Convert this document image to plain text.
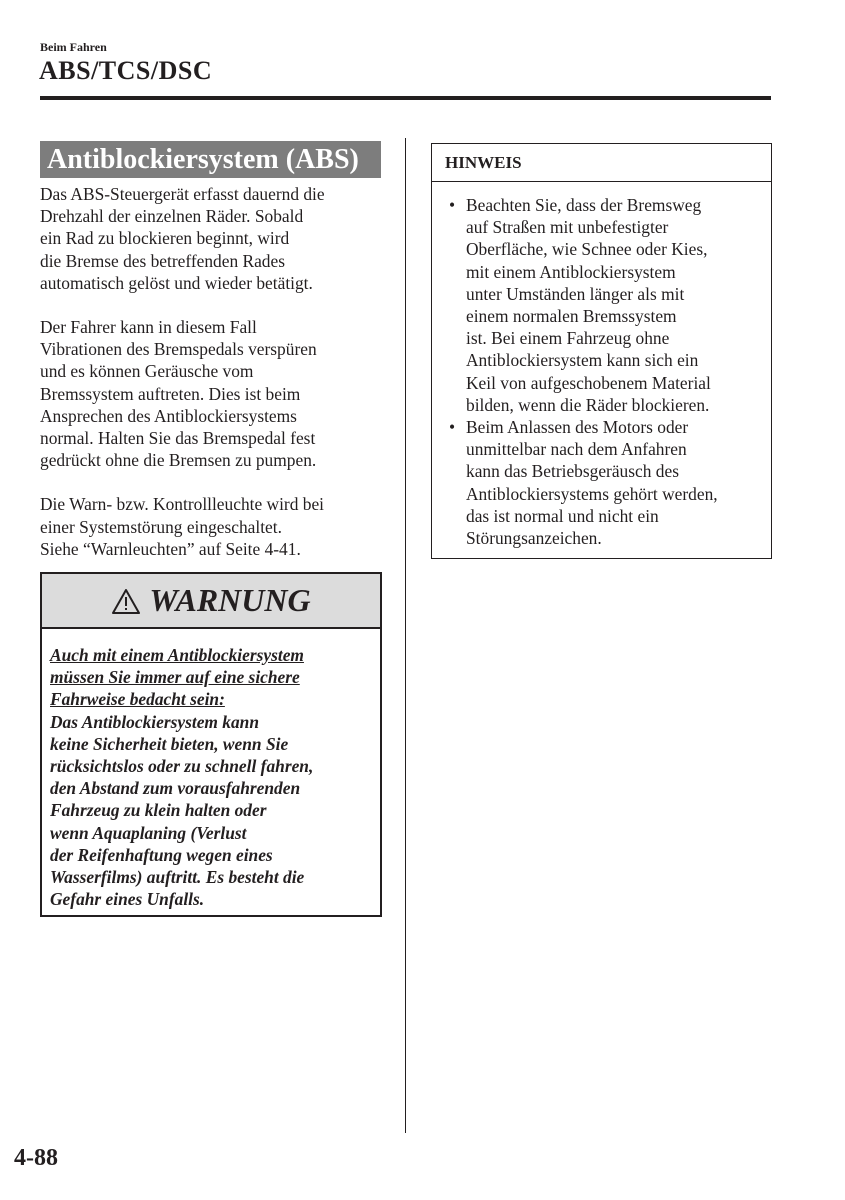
Beim Fahren
ABS/TCS/DSC
Antiblockiersystem (ABS)

Das ABS-Steuergerät erfasst dauernd die
Drehzahl der einzelnen Räder. Sobald
ein Rad zu blockieren beginnt, wird
die Bremse des betreffenden Rades
automatisch gelöst und wieder betätigt.

Der Fahrer kann in diesem Fall
Vibrationen des Bremspedals verspüren
und es können Geräusche vom
Bremssystem auftreten. Dies ist beim
Ansprechen des Antiblockiersystems
normal. Halten Sie das Bremspedal fest
gedrückt ohne die Bremsen zu pumpen.

Die Warn- bzw. Kontrollleuchte wird bei
einer Systemstörung eingeschaltet.
Siehe “Warnleuchten” auf Seite 4-41.

WARNUNG
Auch mit einem Antiblockiersystem
müssen Sie immer auf eine sichere
Fahrweise bedacht sein:
Das Antiblockiersystem kann
keine Sicherheit bieten, wenn Sie
rücksichtslos oder zu schnell fahren,
den Abstand zum vorausfahrenden
Fahrzeug zu klein halten oder
wenn Aquaplaning (Verlust
der Reifenhaftung wegen eines
Wasserfilms) auftritt. Es besteht die
Gefahr eines Unfalls.
HINWEIS
• Beachten Sie, dass der Bremsweg
auf Straßen mit unbefestigter
Oberfläche, wie Schnee oder Kies,
mit einem Antiblockiersystem
unter Umständen länger als mit
einem normalen Bremssystem
ist. Bei einem Fahrzeug ohne
Antiblockiersystem kann sich ein
Keil von aufgeschobenem Material
bilden, wenn die Räder blockieren.
• Beim Anlassen des Motors oder
unmittelbar nach dem Anfahren
kann das Betriebsgeräusch des
Antiblockiersystems gehört werden,
das ist normal und nicht ein
Störungsanzeichen.
4-88
